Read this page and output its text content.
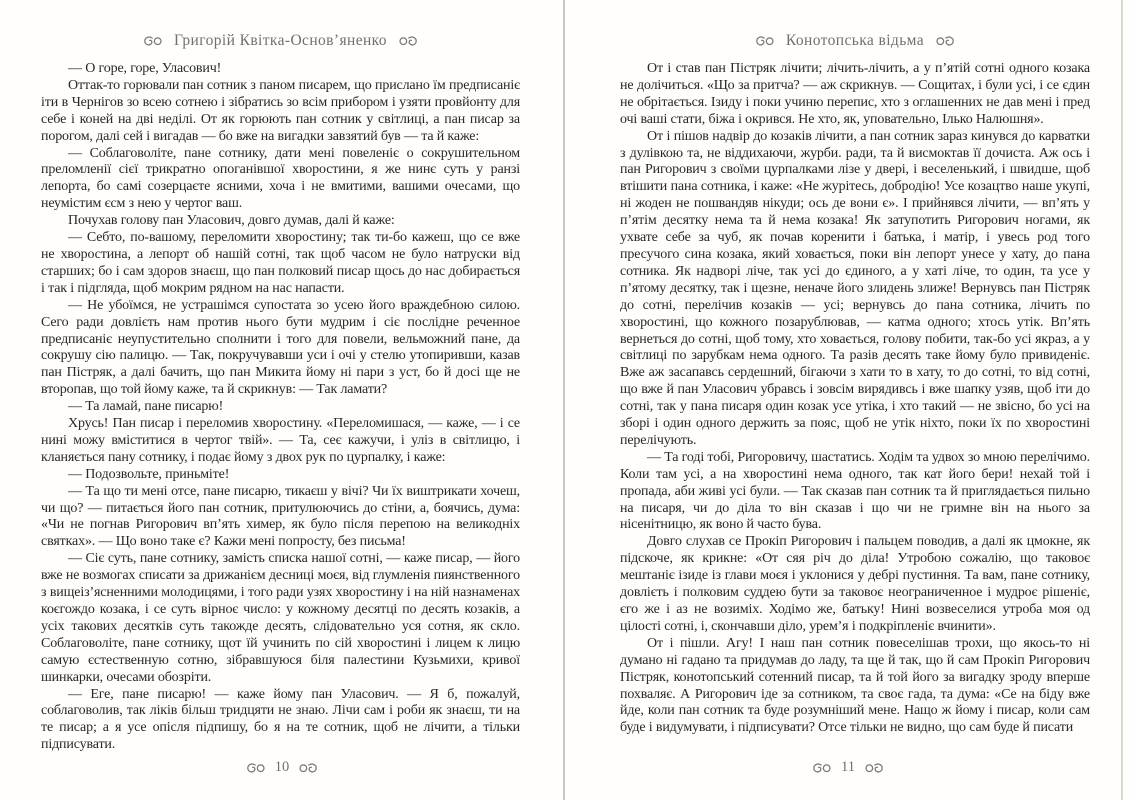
Григорій Квітка-Основ’яненко

— О горе, горе, Уласович!

Оттак-то горювали пан сотник з паном писарем, що прислано їм предписаніє іти в Чернігов зо всею сотнею і зібратись зо всім прибором і узяти провйонту для себе і коней на дві неділі. От як горюють пан сотник у світлиці, а пан писар за порогом, далі сей і вигадав — бо вже на вигадки завзятий був — та й каже:

— Соблаговоліте, пане сотнику, дати мені повеленіє о сокрушительном преломленії сієї трикратно опоганівшої хворостини, я же нинє суть у ранзі лепорта, бо самі созерцаєте ясними, хоча і не вмитими, вашими очесами, що неумістим єсм з нею у чертог ваш.

Почухав голову пан Уласович, довго думав, далі й каже:

— Себто, по-вашому, переломити хворостину; так ти-бо кажеш, що се вже не хворостина, а лепорт об нашій сотні, так щоб часом не було натруски від старших; бо і сам здоров знаєш, що пан полковий писар щось до нас добирається і так і підгляда, щоб мокрим рядном на нас напасти.

— Не убоїмся, не устрашімся супостата зо усею його враждебною силою. Сего ради довлієть нам против нього бути мудрим і сіє послідне реченное предписаніє неупустительно сполнити і того для повели, вельможний пане, да сокрушу сію палицю. — Так, покручувавши уси і очі у стелю утопиривши, казав пан Пістряк, а далі бачить, що пан Микита йому ні пари з уст, бо й досі ще не второпав, що той йому каже, та й скрикнув: — Так ламати?

— Та ламай, пане писарю!

Хрусь! Пан писар і переломив хворостину. «Переломишася, — каже, — і се нині можу вміститися в чертог твій». — Та, сеє кажучи, і уліз в світлицю, і кланяється пану сотнику, і подає йому з двох рук по цурпалку, і каже:

— Подозвольте, приньміте!

— Та що ти мені отсе, пане писарю, тикаєш у вічі? Чи їх виштрикати хочеш, чи що? — питається його пан сотник, притулюючись до стіни, а, боячись, дума: «Чи не погнав Ригорович вп’ять химер, як було після перепою на великодніх святках». — Що воно таке є? Кажи мені попросту, без письма!

— Сіє суть, пане сотнику, замість списка нашої сотні, — каже писар, — його вже не возмогах списати за дрижанієм десниці моєя, від глумленія пиянственного з вищеіз’ясненними молодицями, і того ради узях хворостину і на ній назнаменах коєгождо козака, і се суть вірноє число: у кожному десятці по десять козаків, а усіх такових десятків суть такожде десять, слідовательно уся сотня, як скло. Соблаговоліте, пане сотнику, щот їй учинить по сій хворостині і лицем к лицю самую єстественную сотню, зібравшуюся біля палестини Кузьмихи, кривої шинкарки, очесами обозріти.

— Еге, пане писарю! — каже йому пан Уласович. — Я б, пожалуй, соблаговолив, так ліків більш тридцяти не знаю. Лічи сам і роби як знаєш, ти на те писар; а я усе опісля підпишу, бо я на те сотник, щоб не лічити, а тільки підписувати.

10
Конотопська відьма

От і став пан Пістряк лічити; лічить-лічить, а у п’ятій сотні одного козака не долічиться. «Що за притча? — аж скрикнув. — Сощитах, і були усі, і се єдин не обрітається. Ізиду і поки учиню перепис, хто з оглашенних не дав мені і пред очі ваші стати, біжа і окрився. Не хто, як, уповательно, Ілько Налюшня».

От і пішов надвір до козаків лічити, а пан сотник зараз кинувся до карватки з дулівкою та, не віддихаючи, журби. ради, та й висмоктав її дочиста. Аж ось і пан Ригорович з своїми цурпалками лізе у двері, і веселенький, і швидше, щоб втішити пана сотника, і каже: «Не журітесь, добродію! Усе козацтво наше укупі, ні жоден не пошвандяв нікуди; ось де вони є». І прийнявся лічити, — вп’ять у п’ятім десятку нема та й нема козака! Як затупотить Ригорович ногами, як ухвате себе за чуб, як почав коренити і батька, і матір, і увесь род того пресучого сина козака, який ховається, поки він лепорт унесе у хату, до пана сотника. Як надворі ліче, так усі до єдиного, а у хаті ліче, то один, та усе у п’ятому десятку, так і щезне, неначе його злидень злиже! Вернувсь пан Пістряк до сотні, перелічив козаків — усі; вернувсь до пана сотника, лічить по хворостині, що кожного позарублював, — катма одного; хтось утік. Вп’ять вернеться до сотні, щоб тому, хто ховається, голову побити, так-бо усі якраз, а у світлиці по зарубкам нема одного. Та разів десять таке йому було привиденіє. Вже аж засапавсь сердешний, бігаючи з хати то в хату, то до сотні, то від сотні, що вже й пан Уласович убравсь і зовсім вирядивсь і вже шапку узяв, щоб іти до сотні, так у пана писаря один козак усе утіка, і хто такий — не звісно, бо усі на зборі і один одного держить за пояс, щоб не утік ніхто, поки їх по хворостині перелічують.

— Та годі тобі, Ригоровичу, шастатись. Ходім та удвох зо мною перелічимо. Коли там усі, а на хворостині нема одного, так кат його бери! нехай той і пропада, аби живі усі були. — Так сказав пан сотник та й приглядається пильно на писаря, чи до діла то він сказав і що чи не гримне він на нього за нісенітницю, як воно й часто бува.

Довго слухав се Прокіп Ригорович і пальцем поводив, а далі як цмокне, як підскоче, як крикне: «От сяя річ до діла! Утробою сожалію, що таковоє мештаніє ізиде із глави моєя і уклонися у дебрі пустиння. Та вам, пане сотнику, довлієть і полковим суддею бути за таковоє неограниченное і мудроє рішеніє, єго же і аз не возиміх. Ходімо же, батьку! Нині возвеселися утроба моя од цілості сотні, і, скончавши діло, урем’я і подкріпленіє вчинити».

От і пішли. Агу! І наш пан сотник повеселішав трохи, що якось-то ні думано ні гадано та придумав до ладу, та ще й так, що й сам Прокіп Ригорович Пістряк, конотопський сотенний писар, та й той його за вигадку зроду вперше похваляє. А Ригорович іде за сотником, та своє гада, та дума: «Се на біду вже йде, коли пан сотник та буде розумніший мене. Нащо ж йому і писар, коли сам буде і видумувати, і підписувати? Отсе тільки не видно, що сам буде й писати

11
